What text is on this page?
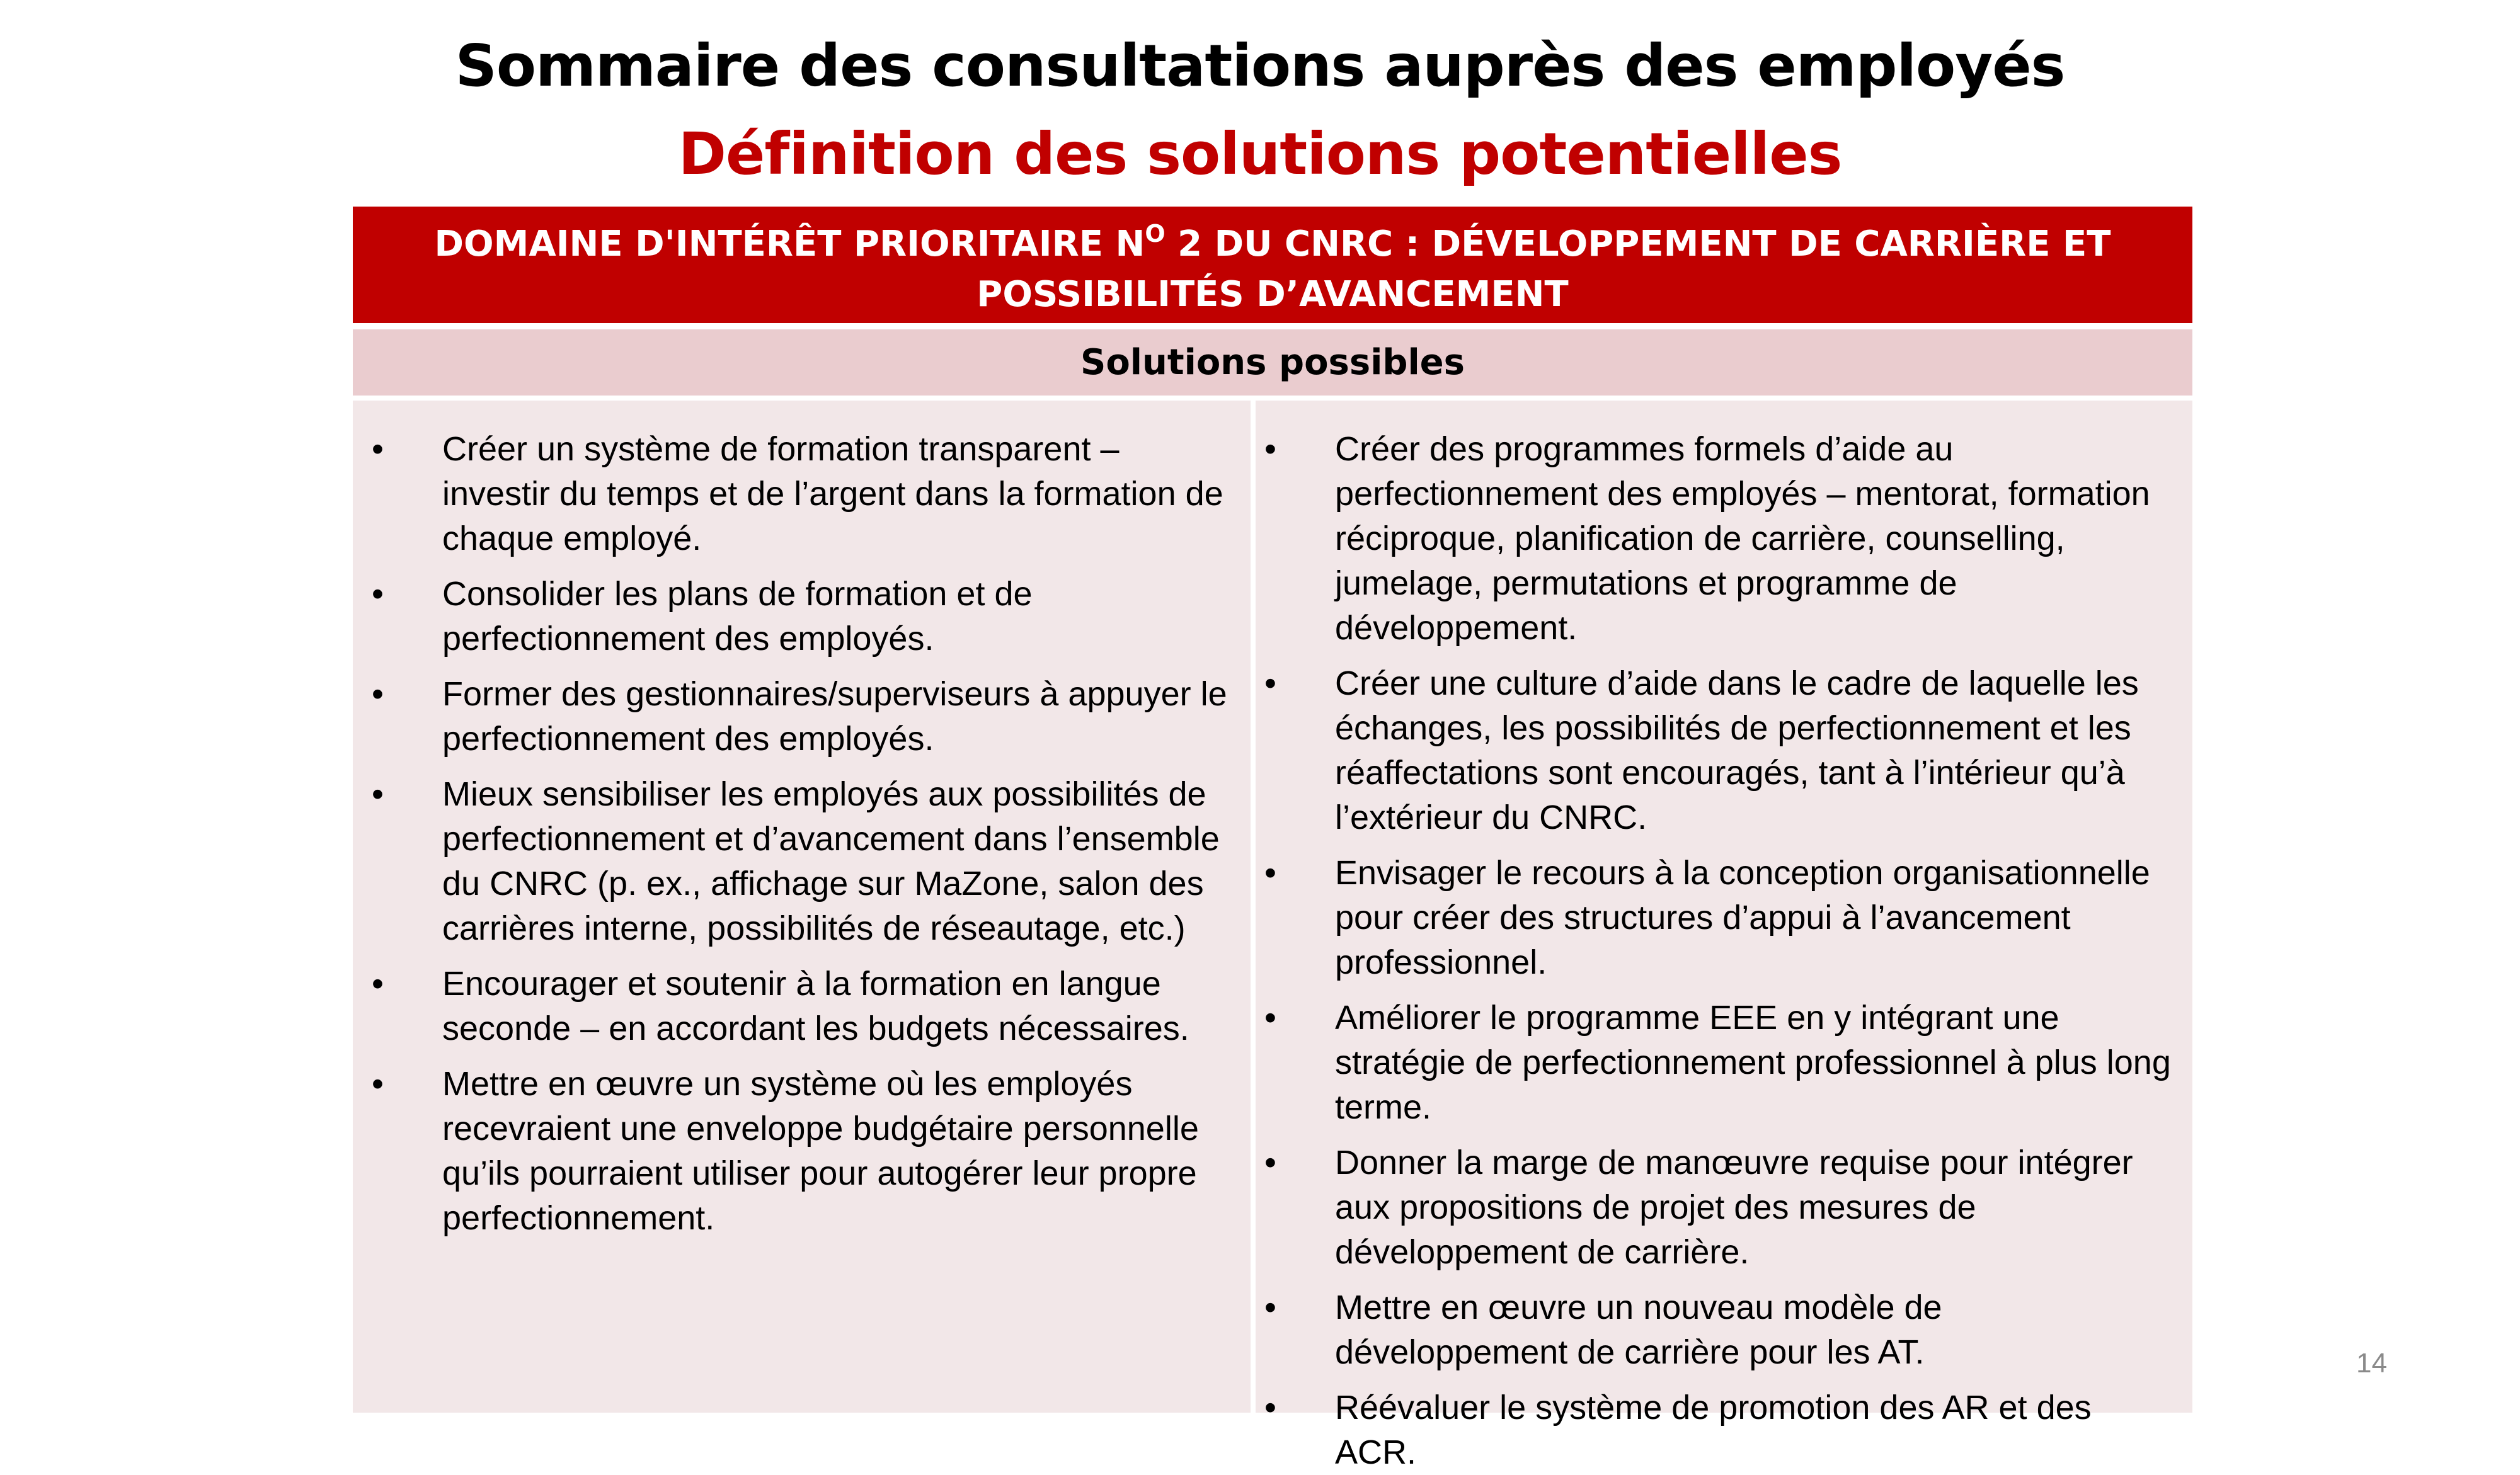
Sommaire des consultations auprès des employés
Définition des solutions potentielles
DOMAINE D'INTÉRÊT PRIORITAIRE $N^O$ 2 DU CNRC : DÉVELOPPEMENT DE CARRIÈRE ET POSSIBILITÉS D’AVANCEMENT
Solutions possibles
•	Créer un système de formation transparent – investir du temps et de l’argent dans la formation de chaque employé.
•	Consolider les plans de formation et de perfectionnement des employés.
•	Former des gestionnaires/superviseurs à appuyer le perfectionnement des employés.
•	Mieux sensibiliser les employés aux possibilités de perfectionnement et d’avancement dans l’ensemble du CNRC (p. ex., affichage sur MaZone, salon des carrières interne, possibilités de réseautage, etc.)
•	Encourager et soutenir à la formation en langue seconde – en accordant les budgets nécessaires.
•	Mettre en œuvre un système où les employés recevraient une enveloppe budgétaire personnelle qu’ils pourraient utiliser pour autogérer leur propre perfectionnement.
•	Créer des programmes formels d’aide au perfectionnement des employés – mentorat, formation réciproque, planification de carrière, counselling, jumelage, permutations et programme de développement.
•	Créer une culture d’aide dans le cadre de laquelle les échanges, les possibilités de perfectionnement et les réaffectations sont encouragés, tant à l’intérieur qu’à l’extérieur du CNRC.
•	Envisager le recours à la conception organisationnelle pour créer des structures d’appui à l’avancement professionnel.
•	Améliorer le programme EEE en y intégrant une stratégie de perfectionnement professionnel à plus long terme.
•	Donner la marge de manœuvre requise pour intégrer aux propositions de projet des mesures de développement de carrière.
•	Mettre en œuvre un nouveau modèle de développement de carrière pour les AT.
•	Réévaluer le système de promotion des AR et des ACR.
14
